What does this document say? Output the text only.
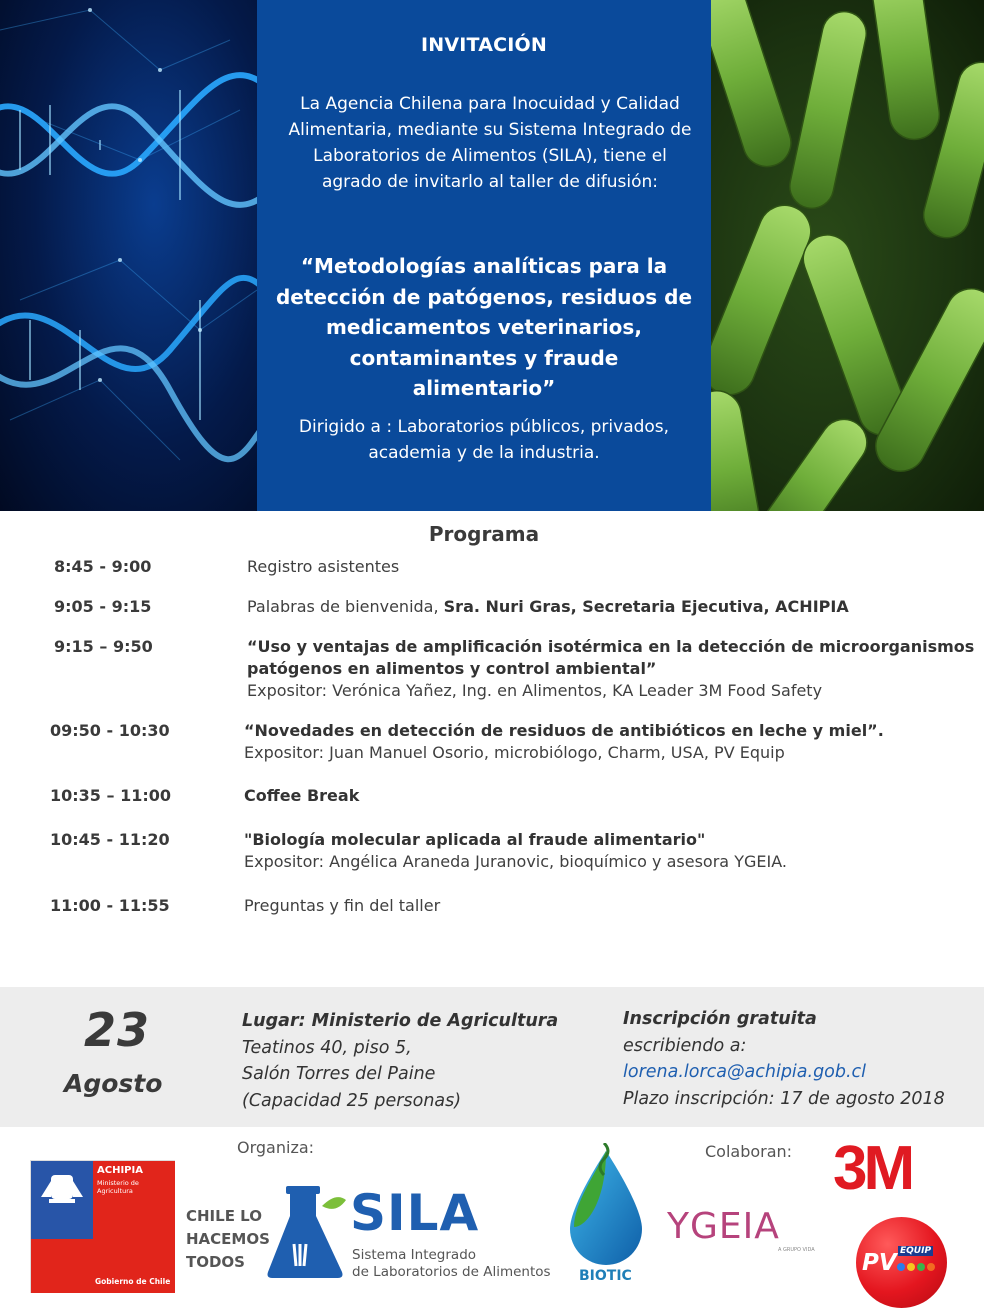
INVITACIÓN
La Agencia Chilena para Inocuidad y Calidad
Alimentaria, mediante su Sistema Integrado de
Laboratorios de Alimentos (SILA), tiene el
agrado de invitarlo al taller de difusión:
“Metodologías analíticas para la
detección de patógenos, residuos de
medicamentos veterinarios,
contaminantes y fraude alimentario”
Dirigido a : Laboratorios públicos, privados,
academia y de la industria.
Programa
8:45 - 9:00	Registro asistentes
9:05 - 9:15	Palabras de bienvenida, Sra. Nuri Gras, Secretaria Ejecutiva, ACHIPIA
9:15 – 9:50	“Uso y ventajas de amplificación isotérmica en la detección de microorganismos
patógenos en alimentos y control ambiental”
Expositor: Verónica Yañez, Ing. en Alimentos, KA Leader 3M Food Safety
09:50 - 10:30	“Novedades en detección de residuos de antibióticos en leche y miel”.
Expositor: Juan Manuel Osorio, microbiólogo, Charm, USA, PV Equip
10:35 – 11:00	Coffee Break
10:45 - 11:20	"Biología molecular aplicada al fraude alimentario"
Expositor: Angélica Araneda Juranovic, bioquímico y asesora YGEIA.
11:00 - 11:55	Preguntas y fin del taller
23
Agosto
Lugar: Ministerio de Agricultura
Teatinos 40, piso 5,
Salón Torres del Paine
(Capacidad 25 personas)
Inscripción gratuita
escribiendo a:
lorena.lorca@achipia.gob.cl
Plazo inscripción: 17 de agosto 2018
Organiza:	Colaboran:
ACHIPIA
Ministerio de Agricultura
Gobierno de Chile
CHILE LO
HACEMOS
TODOS
SILA
Sistema Integrado
de Laboratorios de Alimentos BIOTIC
YGEIA
A GRUPO VIDA
3M
PV EQUIP
